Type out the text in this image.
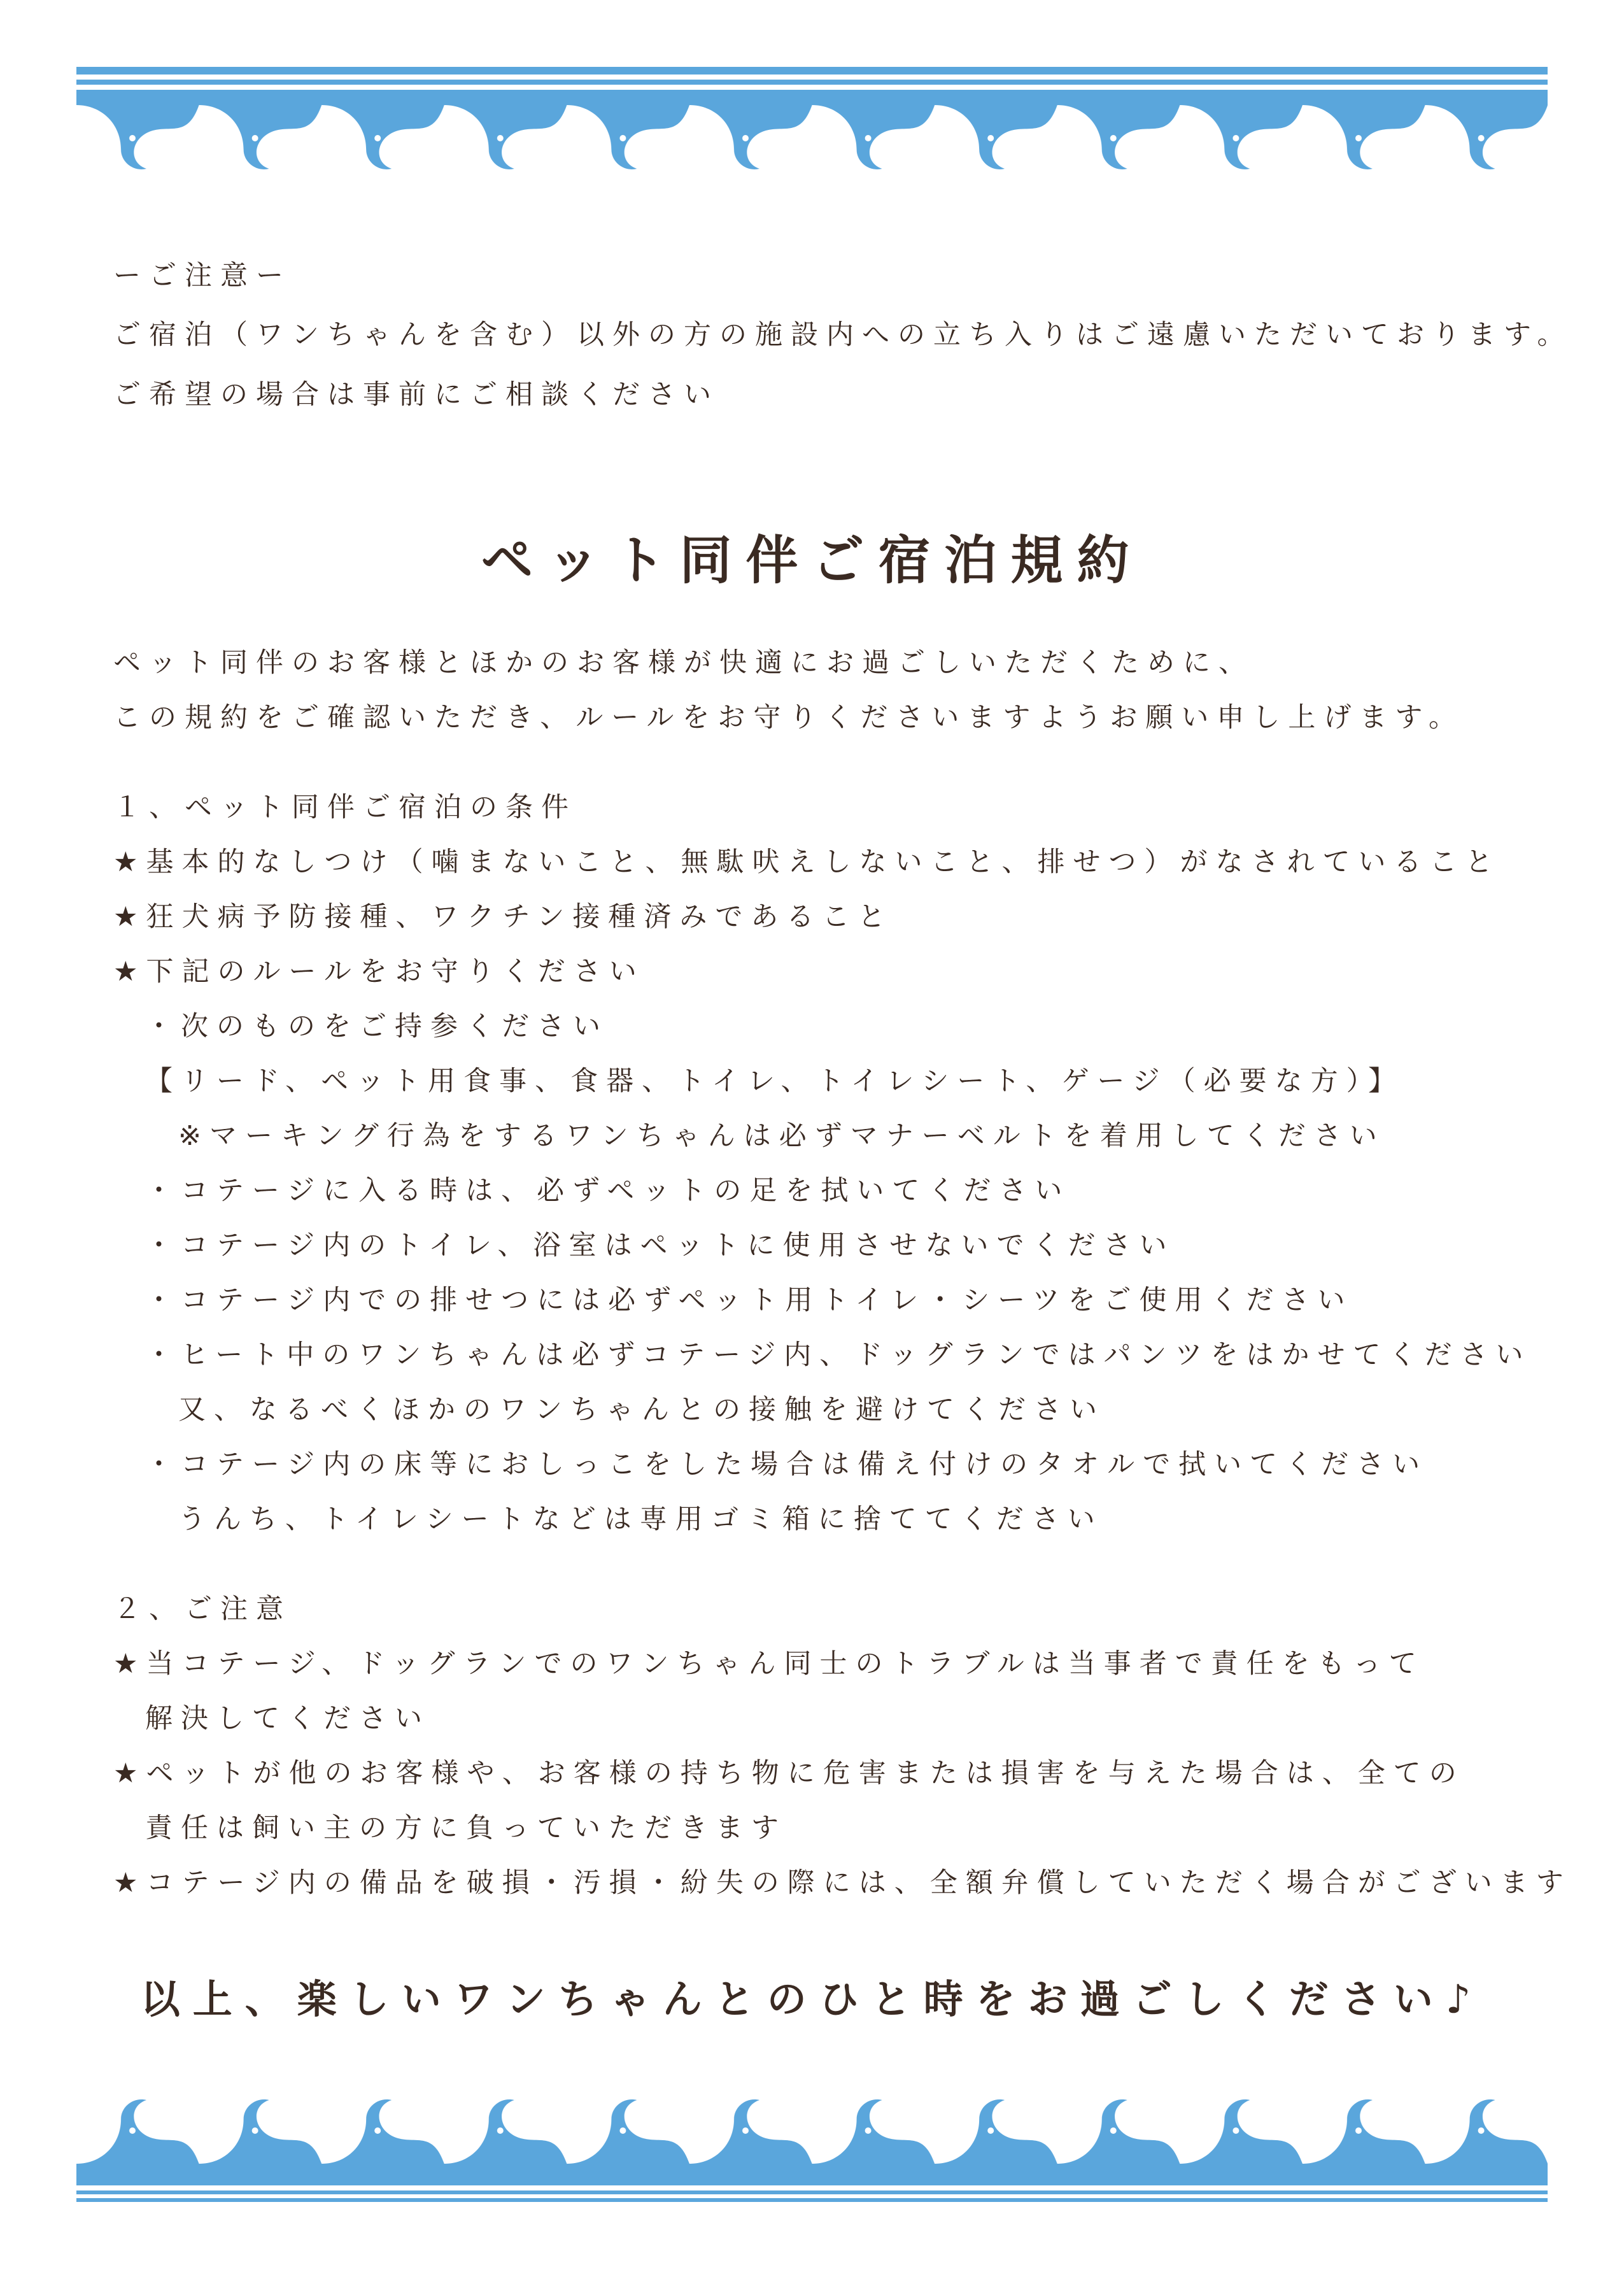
ーご注意ー
ご宿泊（ワンちゃんを含む）以外の方の施設内への立ち入りはご遠慮いただいております。
ご希望の場合は事前にご相談ください
ペット同伴ご宿泊規約
ペット同伴のお客様とほかのお客様が快適にお過ごしいただくために、
この規約をご確認いただき、ルールをお守りくださいますようお願い申し上げます。
１、ペット同伴ご宿泊の条件
★基本的なしつけ（噛まないこと、無駄吠えしないこと、排せつ）がなされていること
★狂犬病予防接種、ワクチン接種済みであること
★下記のルールをお守りください
・次のものをご持参ください
【リード、ペット用食事、食器、トイレ、トイレシート、ゲージ（必要な方）】
※マーキング行為をするワンちゃんは必ずマナーベルトを着用してください
・コテージに入る時は、必ずペットの足を拭いてください
・コテージ内のトイレ、浴室はペットに使用させないでください
・コテージ内での排せつには必ずペット用トイレ・シーツをご使用ください
・ヒート中のワンちゃんは必ずコテージ内、ドッグランではパンツをはかせてください
又、なるべくほかのワンちゃんとの接触を避けてください
・コテージ内の床等におしっこをした場合は備え付けのタオルで拭いてください
うんち、トイレシートなどは専用ゴミ箱に捨ててください
２、ご注意
★当コテージ、ドッグランでのワンちゃん同士のトラブルは当事者で責任をもって
解決してください
★ペットが他のお客様や、お客様の持ち物に危害または損害を与えた場合は、全ての
責任は飼い主の方に負っていただきます
★コテージ内の備品を破損・汚損・紛失の際には、全額弁償していただく場合がございます
以上、楽しいワンちゃんとのひと時をお過ごしください♪
